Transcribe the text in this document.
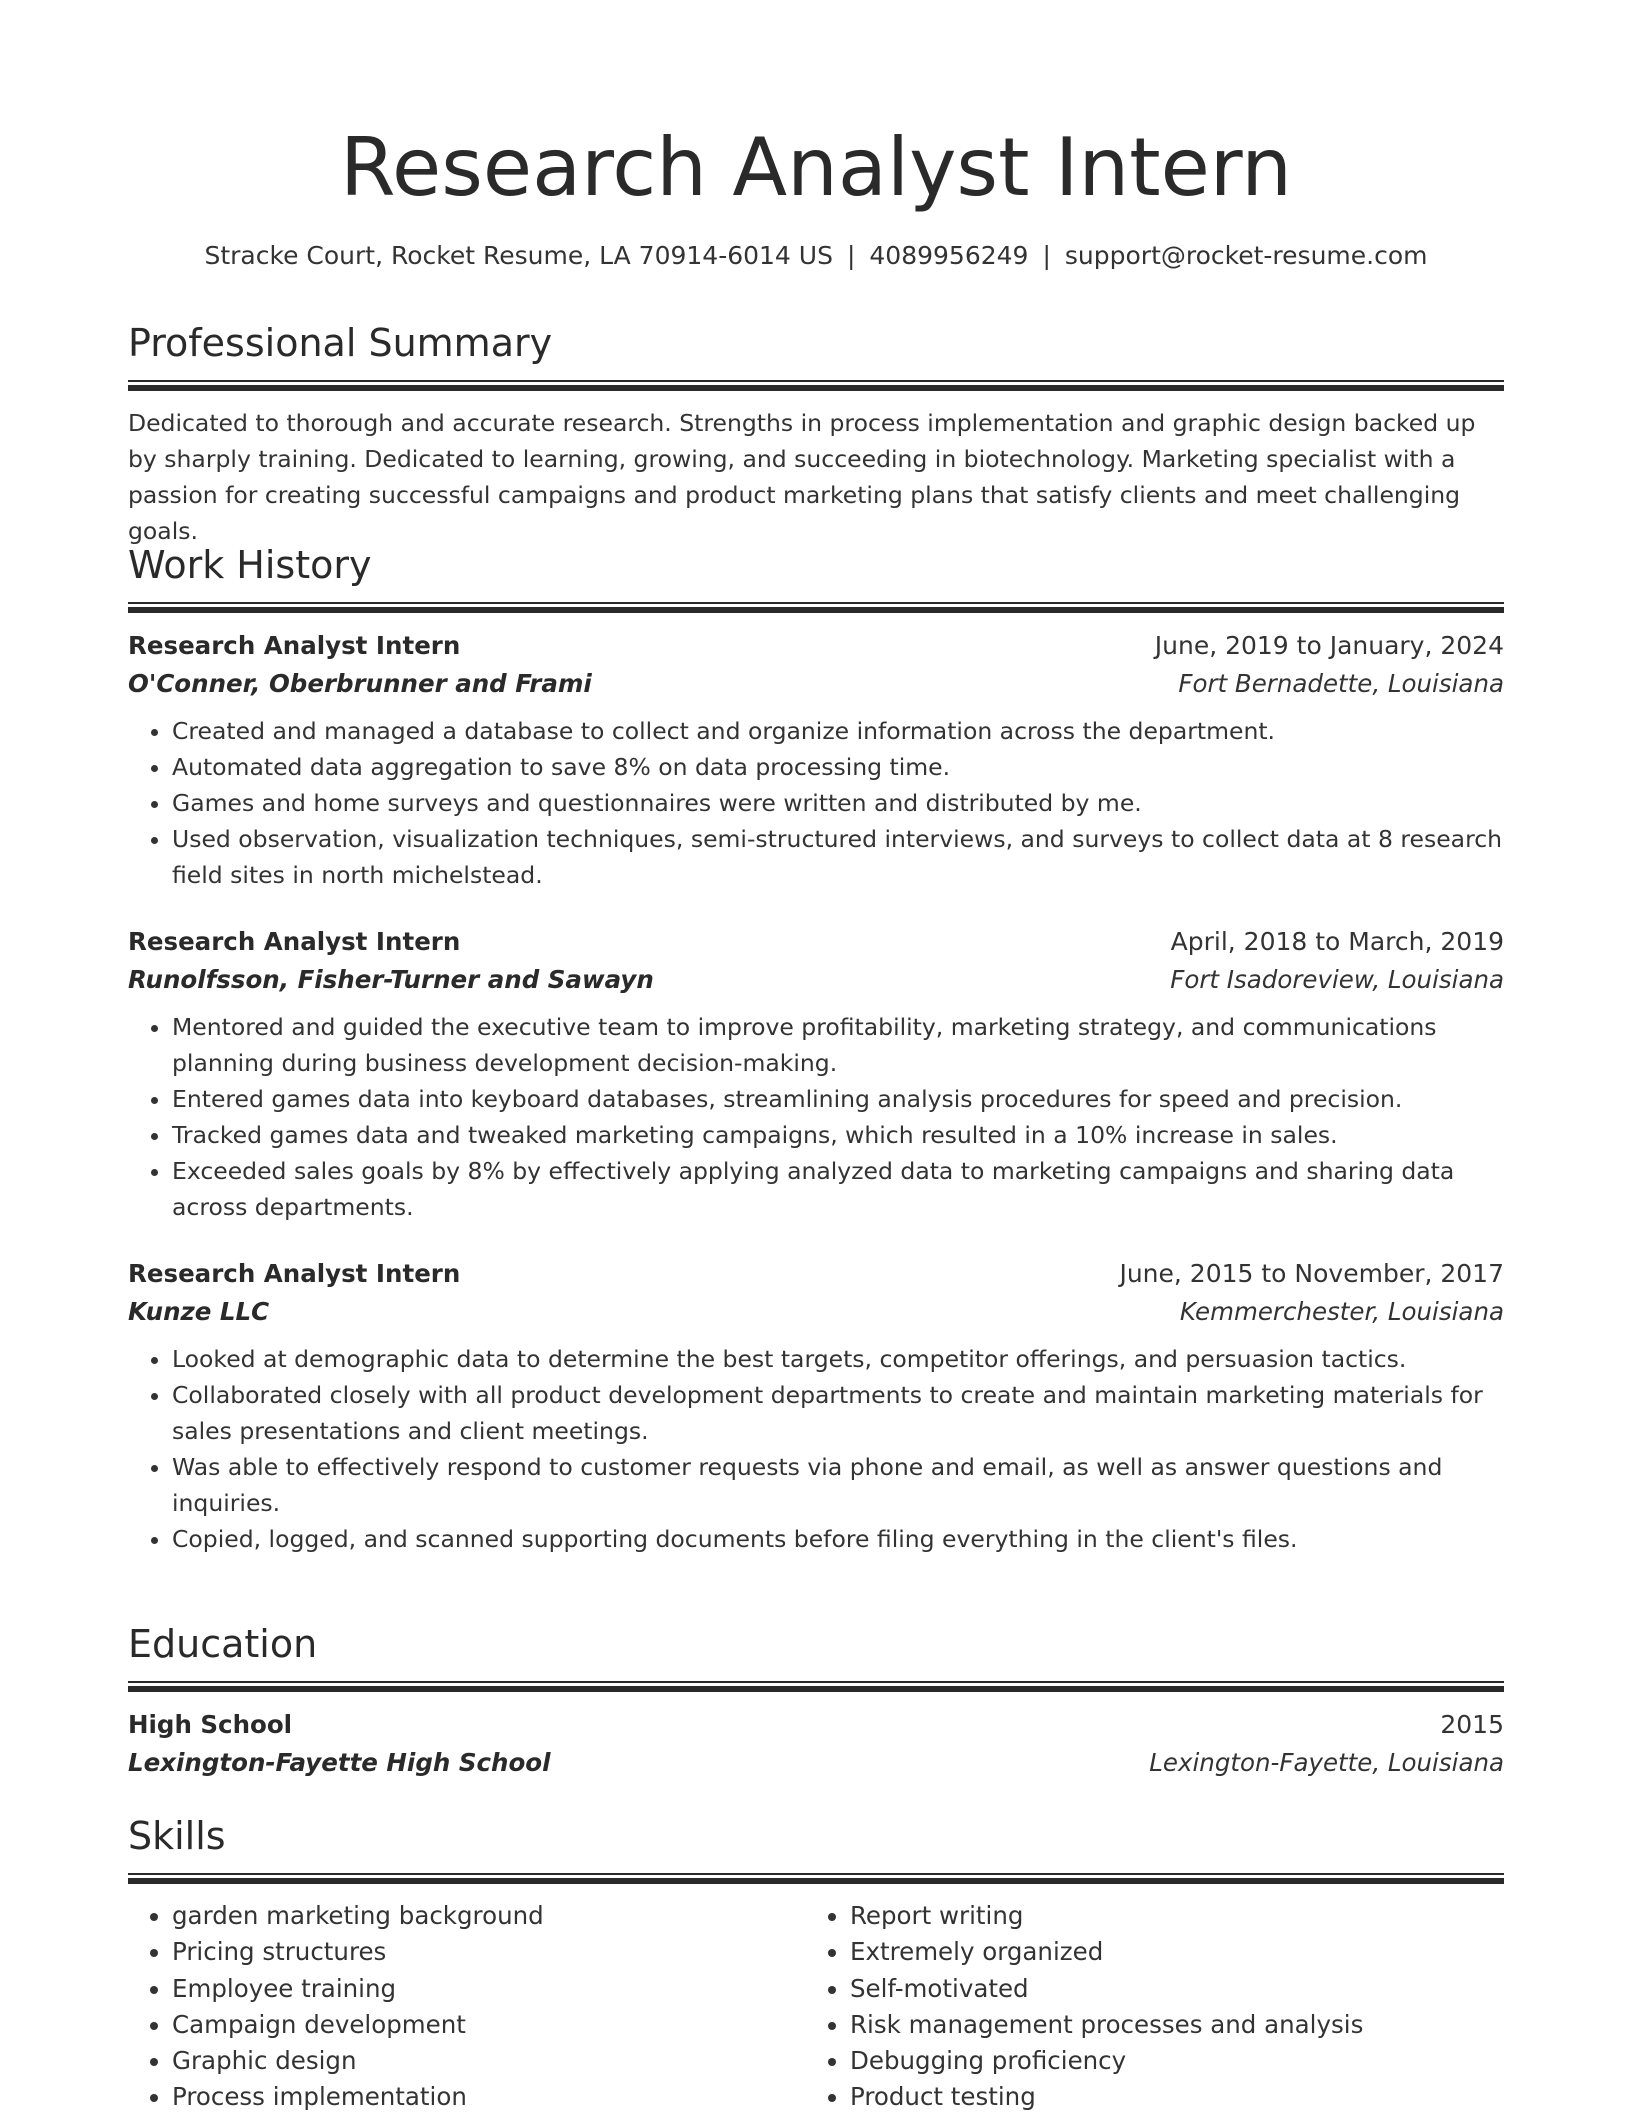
Research Analyst Intern
Stracke Court, Rocket Resume, LA 70914-6014 US | 4089956249 | support@rocket-resume.com
Professional Summary
Dedicated to thorough and accurate research. Strengths in process implementation and graphic design backed up by sharply training. Dedicated to learning, growing, and succeeding in biotechnology. Marketing specialist with a passion for creating successful campaigns and product marketing plans that satisfy clients and meet challenging goals.
Work History
Research Analyst Intern	June, 2019 to January, 2024
O'Conner, Oberbrunner and Frami	Fort Bernadette, Louisiana
• Created and managed a database to collect and organize information across the department.
• Automated data aggregation to save 8% on data processing time.
• Games and home surveys and questionnaires were written and distributed by me.
• Used observation, visualization techniques, semi-structured interviews, and surveys to collect data at 8 research field sites in north michelstead.
Research Analyst Intern	April, 2018 to March, 2019
Runolfsson, Fisher-Turner and Sawayn	Fort Isadoreview, Louisiana
• Mentored and guided the executive team to improve profitability, marketing strategy, and communications planning during business development decision-making.
• Entered games data into keyboard databases, streamlining analysis procedures for speed and precision.
• Tracked games data and tweaked marketing campaigns, which resulted in a 10% increase in sales.
• Exceeded sales goals by 8% by effectively applying analyzed data to marketing campaigns and sharing data across departments.
Research Analyst Intern	June, 2015 to November, 2017
Kunze LLC	Kemmerchester, Louisiana
• Looked at demographic data to determine the best targets, competitor offerings, and persuasion tactics.
• Collaborated closely with all product development departments to create and maintain marketing materials for sales presentations and client meetings.
• Was able to effectively respond to customer requests via phone and email, as well as answer questions and inquiries.
• Copied, logged, and scanned supporting documents before filing everything in the client's files.
Education
High School	2015
Lexington-Fayette High School	Lexington-Fayette, Louisiana
Skills
• garden marketing background
• Pricing structures
• Employee training
• Campaign development
• Graphic design
• Process implementation
• Report writing
• Extremely organized
• Self-motivated
• Risk management processes and analysis
• Debugging proficiency
• Product testing
